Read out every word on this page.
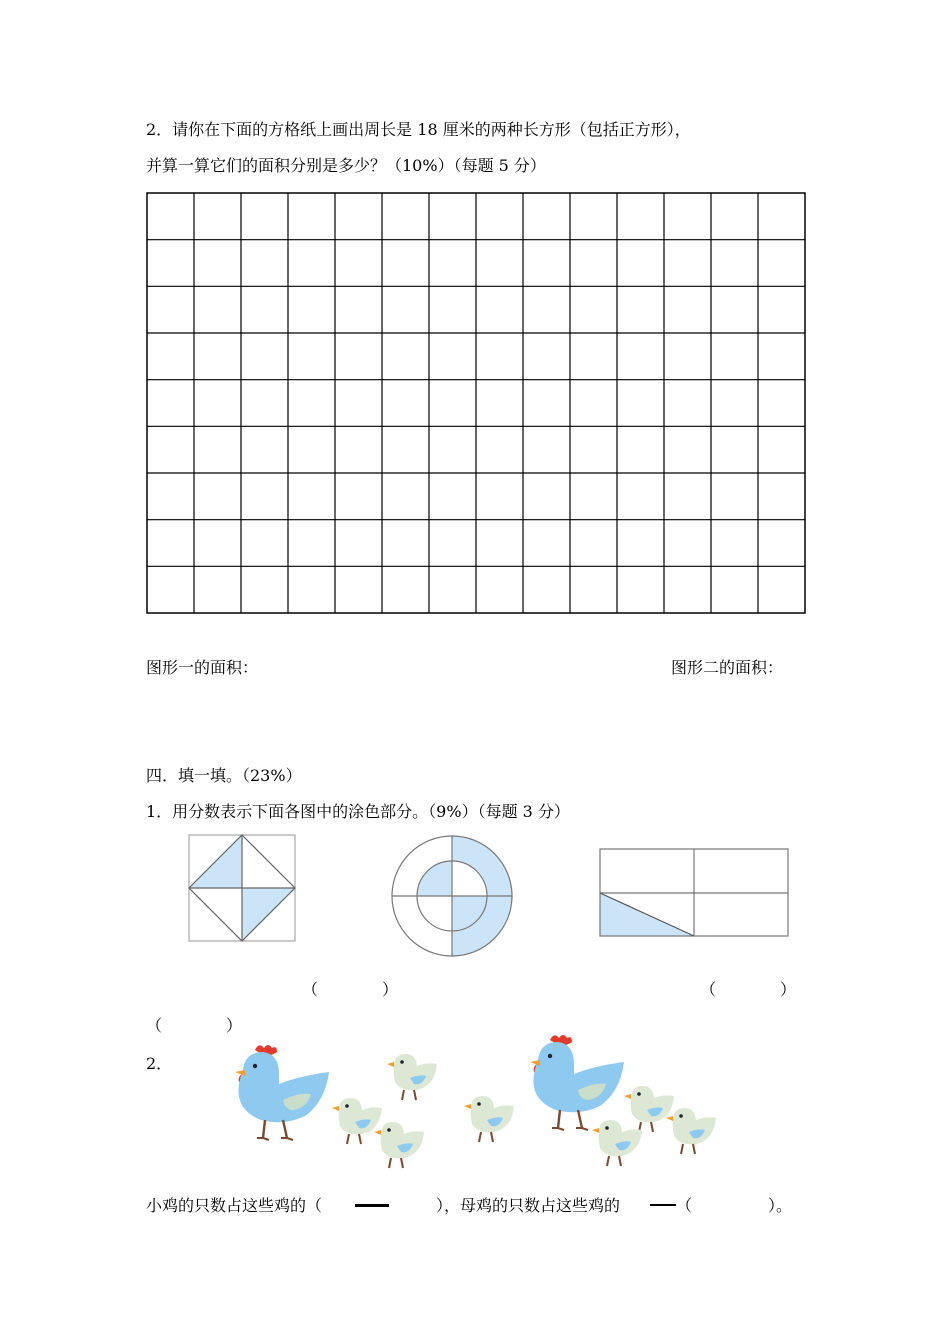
2．请你在下面的方格纸上画出周长是 18 厘米的两种长方形（包括正方形），
并算一算它们的面积分别是多少？（10%）（每题 5 分）
图形一的面积：	图形二的面积：
四．填一填。（23%）
1．用分数表示下面各图中的涂色部分。（9%）（每题 3 分）
（　　　　）	（　　　　）
（　　　　）
2．
小鸡的只数占这些鸡的（	），母鸡的只数占这些鸡的	（	）。
